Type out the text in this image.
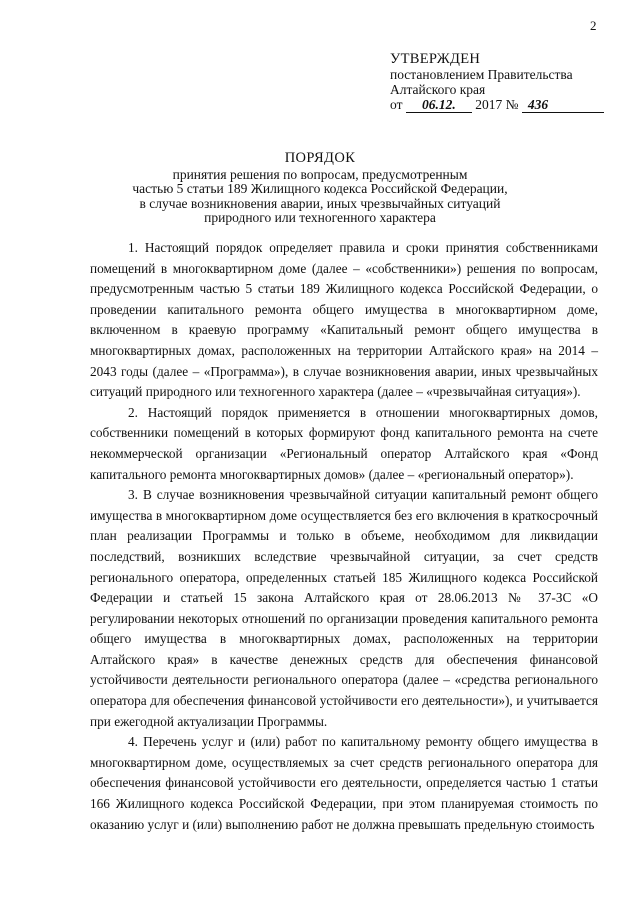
2
УТВЕРЖДЕН
постановлением Правительства
Алтайского края
от 06.12. 2017 № 436
ПОРЯДОК
принятия решения по вопросам, предусмотренным
частью 5 статьи 189 Жилищного кодекса Российской Федерации,
в случае возникновения аварии, иных чрезвычайных ситуаций
природного или техногенного характера

1. Настоящий порядок определяет правила и сроки принятия собственниками помещений в многоквартирном доме (далее – «собственники») решения по вопросам, предусмотренным частью 5 статьи 189 Жилищного кодекса Российской Федерации, о проведении капитального ремонта общего имущества в многоквартирном доме, включенном в краевую программу «Капитальный ремонт общего имущества в многоквартирных домах, расположенных на территории Алтайского края» на 2014 – 2043 годы (далее – «Программа»), в случае возникновения аварии, иных чрезвычайных ситуаций природного или техногенного характера (далее – «чрезвычайная ситуация»).

2. Настоящий порядок применяется в отношении многоквартирных домов, собственники помещений в которых формируют фонд капитального ремонта на счете некоммерческой организации «Региональный оператор Алтайского края «Фонд капитального ремонта многоквартирных домов» (далее – «региональный оператор»).

3. В случае возникновения чрезвычайной ситуации капитальный ремонт общего имущества в многоквартирном доме осуществляется без его включения в краткосрочный план реализации Программы и только в объеме, необходимом для ликвидации последствий, возникших вследствие чрезвычайной ситуации, за счет средств регионального оператора, определенных статьей 185 Жилищного кодекса Российской Федерации и статьей 15 закона Алтайского края от 28.06.2013 № 37-ЗС «О регулировании некоторых отношений по организации проведения капитального ремонта общего имущества в многоквартирных домах, расположенных на территории Алтайского края» в качестве денежных средств для обеспечения финансовой устойчивости деятельности регионального оператора (далее – «средства регионального оператора для обеспечения финансовой устойчивости его деятельности»), и учитывается при ежегодной актуализации Программы.

4. Перечень услуг и (или) работ по капитальному ремонту общего имущества в многоквартирном доме, осуществляемых за счет средств регионального оператора для обеспечения финансовой устойчивости его деятельности, определяется частью 1 статьи 166 Жилищного кодекса Российской Федерации, при этом планируемая стоимость по оказанию услуг и (или) выполнению работ не должна превышать предельную стоимость
